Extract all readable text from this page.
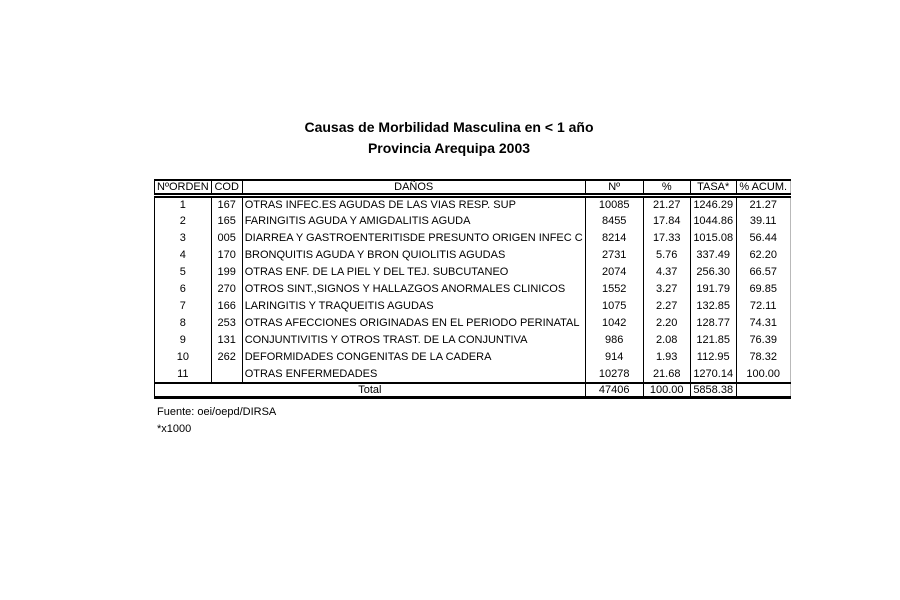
Causas de Morbilidad Masculina en < 1 año
Provincia Arequipa 2003
NºORDEN	COD	DAÑOS	Nº	%	TASA*	% ACUM.
1	167	OTRAS INFEC.ES AGUDAS DE LAS VIAS RESP. SUP	10085	21.27	1246.29	21.27
2	165	FARINGITIS AGUDA Y AMIGDALITIS AGUDA	8455	17.84	1044.86	39.11
3	005	DIARREA Y GASTROENTERITISDE PRESUNTO ORIGEN INFEC C	8214	17.33	1015.08	56.44
4	170	BRONQUITIS AGUDA Y BRON QUIOLITIS AGUDAS	2731	5.76	337.49	62.20
5	199	OTRAS ENF. DE LA PIEL Y DEL TEJ. SUBCUTANEO	2074	4.37	256.30	66.57
6	270	OTROS SINT.,SIGNOS Y HALLAZGOS ANORMALES CLINICOS	1552	3.27	191.79	69.85
7	166	LARINGITIS Y TRAQUEITIS AGUDAS	1075	2.27	132.85	72.11
8	253	OTRAS AFECCIONES ORIGINADAS EN EL PERIODO PERINATAL	1042	2.20	128.77	74.31
9	131	CONJUNTIVITIS Y OTROS TRAST. DE LA CONJUNTIVA	986	2.08	121.85	76.39
10	262	DEFORMIDADES CONGENITAS DE LA CADERA	914	1.93	112.95	78.32
11		OTRAS ENFERMEDADES	10278	21.68	1270.14	100.00
Total			47406	100.00	5858.38	
Fuente: oei/oepd/DIRSA
*x1000
